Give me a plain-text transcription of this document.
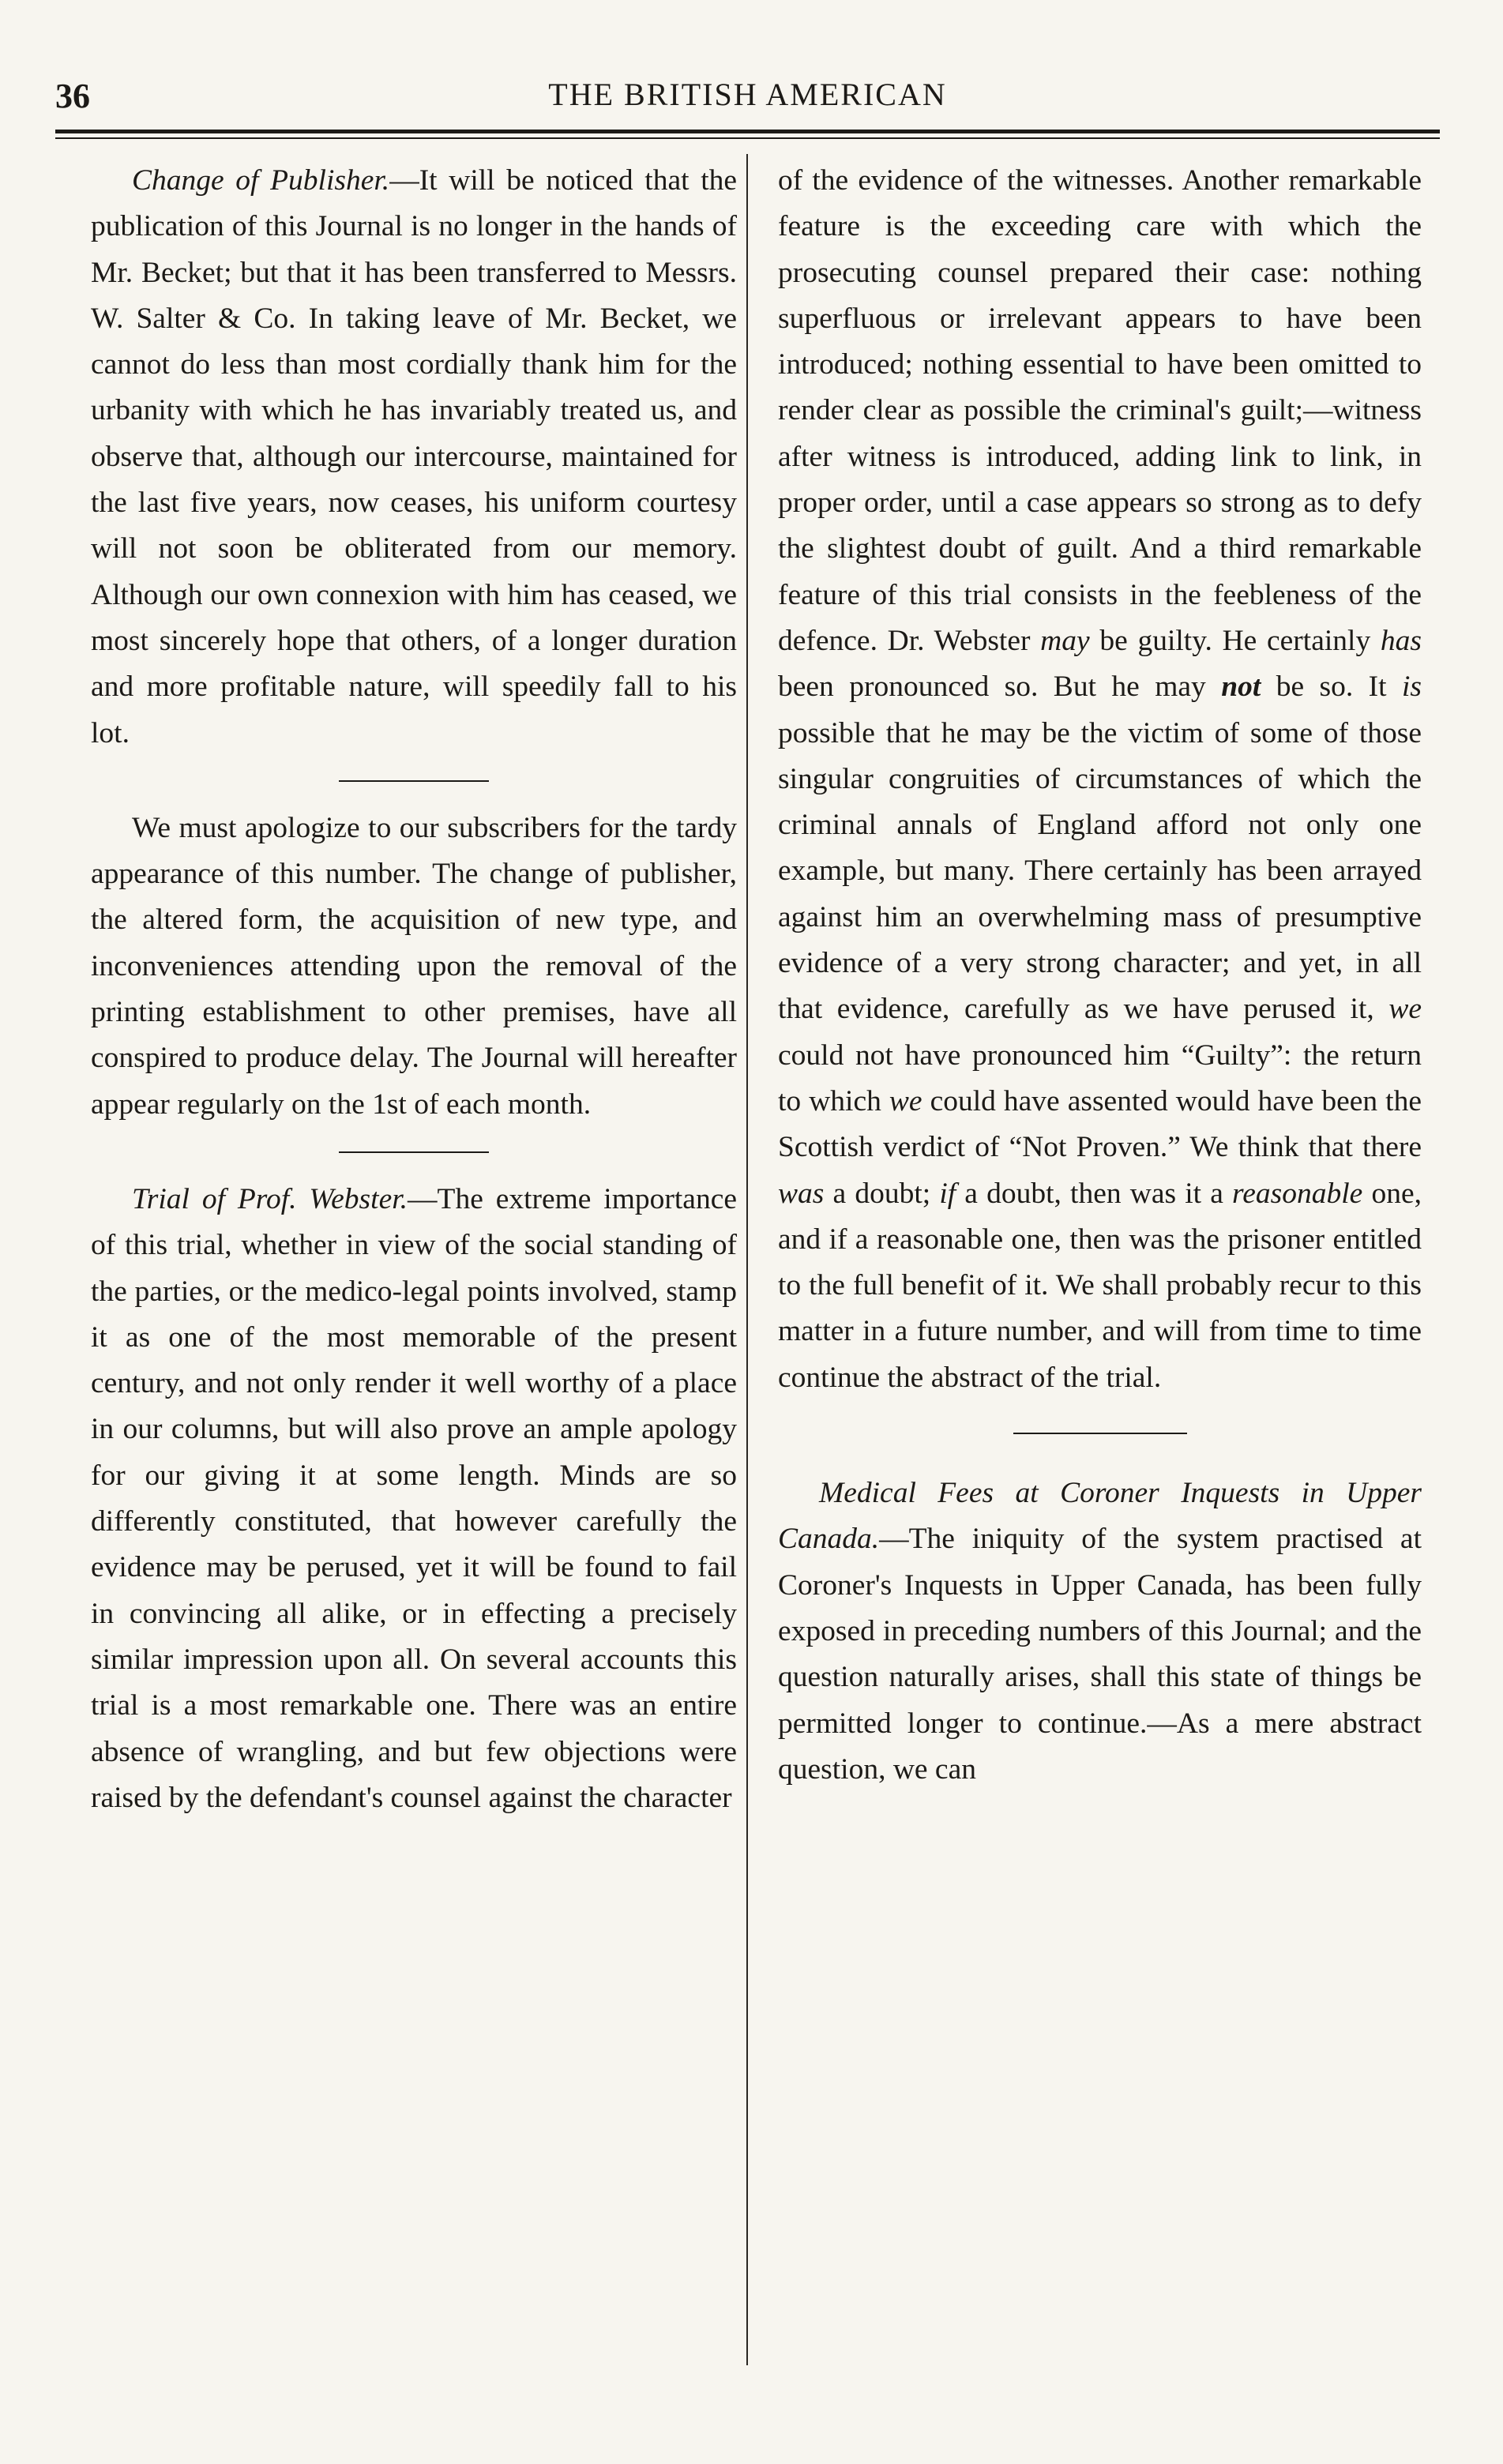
36	THE BRITISH AMERICAN

Change of Publisher.—It will be noticed that the publication of this Journal is no longer in the hands of Mr. Becket; but that it has been transferred to Messrs. W. Salter & Co. In taking leave of Mr. Becket, we cannot do less than most cordially thank him for the urbanity with which he has invariably treated us, and observe that, although our intercourse, maintained for the last five years, now ceases, his uniform courtesy will not soon be obliterated from our memory. Although our own connexion with him has ceased, we most sincerely hope that others, of a longer duration and more profitable nature, will speedily fall to his lot.

We must apologize to our subscribers for the tardy appearance of this number. The change of publisher, the altered form, the acquisition of new type, and inconveniences attending upon the removal of the printing establishment to other premises, have all conspired to produce delay. The Journal will hereafter appear regularly on the 1st of each month.

Trial of Prof. Webster.—The extreme importance of this trial, whether in view of the social standing of the parties, or the medico-legal points involved, stamp it as one of the most memorable of the present century, and not only render it well worthy of a place in our columns, but will also prove an ample apology for our giving it at some length. Minds are so differently constituted, that however carefully the evidence may be perused, yet it will be found to fail in convincing all alike, or in effecting a precisely similar impression upon all. On several accounts this trial is a most remarkable one. There was an entire absence of wrangling, and but few objections were raised by the defendant's counsel against the character

of the evidence of the witnesses. Another remarkable feature is the exceeding care with which the prosecuting counsel prepared their case: nothing superfluous or irrelevant appears to have been introduced; nothing essential to have been omitted to render clear as possible the criminal's guilt;—witness after witness is introduced, adding link to link, in proper order, until a case appears so strong as to defy the slightest doubt of guilt. And a third remarkable feature of this trial consists in the feebleness of the defence. Dr. Webster may be guilty. He certainly has been pronounced so. But he may not be so. It is possible that he may be the victim of some of those singular congruities of circumstances of which the criminal annals of England afford not only one example, but many. There certainly has been arrayed against him an overwhelming mass of presumptive evidence of a very strong character; and yet, in all that evidence, carefully as we have perused it, we could not have pronounced him “Guilty”: the return to which we could have assented would have been the Scottish verdict of “Not Proven.” We think that there was a doubt; if a doubt, then was it a reasonable one, and if a reasonable one, then was the prisoner entitled to the full benefit of it. We shall probably recur to this matter in a future number, and will from time to time continue the abstract of the trial.

Medical Fees at Coroner Inquests in Upper Canada.—The iniquity of the system practised at Coroner's Inquests in Upper Canada, has been fully exposed in preceding numbers of this Journal; and the question naturally arises, shall this state of things be permitted longer to continue.—As a mere abstract question, we can
